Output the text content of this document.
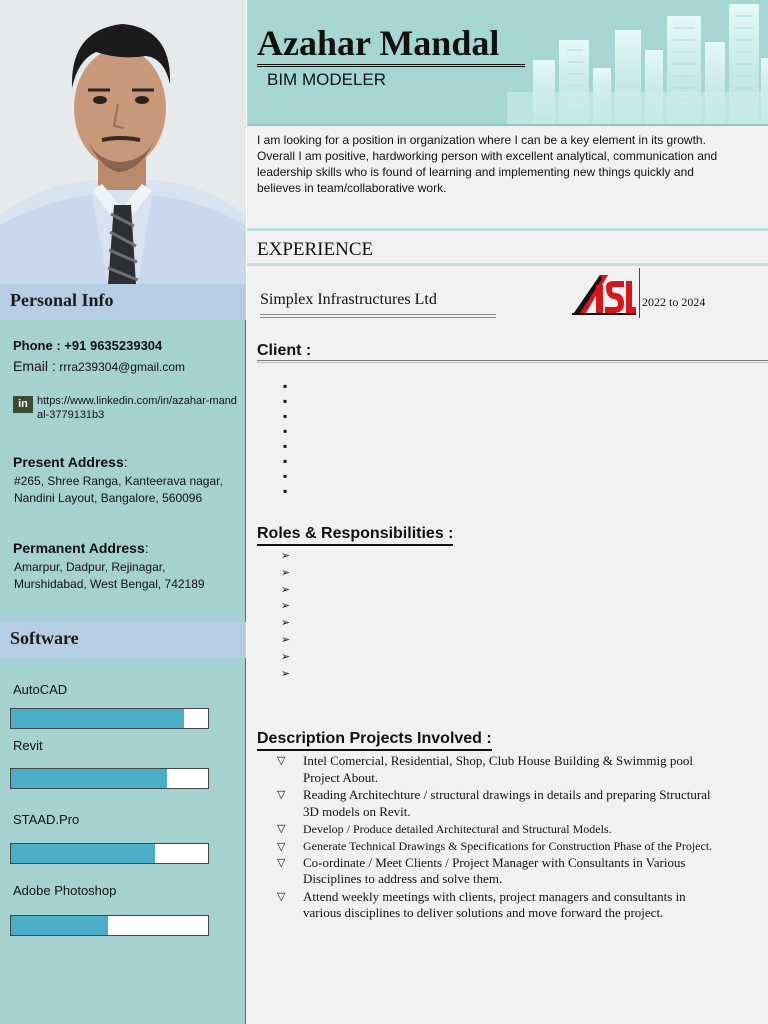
Personal Info
Phone : +91 9635239304
Email : rrra239304@gmail.com
in https://www.linkedin.com/in/azahar-mandal-3779131b3
Present Address:
#265, Shree Ranga, Kanteerava nagar,
Nandini Layout, Bangalore, 560096
Permanent Address:
Amarpur, Dadpur, Rejinagar,
Murshidabad, West Bengal, 742189
Software
AutoCAD
Revit
STAAD.Pro
Adobe Photoshop
Azahar Mandal
BIM MODELER
I am looking for a position in organization where I can be a key element in its growth. Overall I am positive, hardworking person with excellent analytical, communication and leadership skills who is found of learning and implementing new things quickly and believes in team/collaborative work.
EXPERIENCE
Simplex Infrastructures Ltd	2022 to 2024
Client :
▪
▪
▪
▪
▪
▪
▪
▪
Roles & Responsibilities :
➢
➢
➢
➢
➢
➢
➢
➢
Description Projects Involved :
▽	Intel Comercial, Residential, Shop, Club House Building & Swimmig pool Project About.
▽	Reading Architechture / structural drawings in details and preparing Structural 3D models on Revit.
▽	Develop / Produce detailed Architectural and Structural Models.
▽	Generate Technical Drawings & Specifications for Construction Phase of the Project.
▽	Co-ordinate / Meet Clients / Project Manager with Consultants in Various Disciplines to address and solve them.
▽	Attend weekly meetings with clients, project managers and consultants in various disciplines to deliver solutions and move forward the project.
